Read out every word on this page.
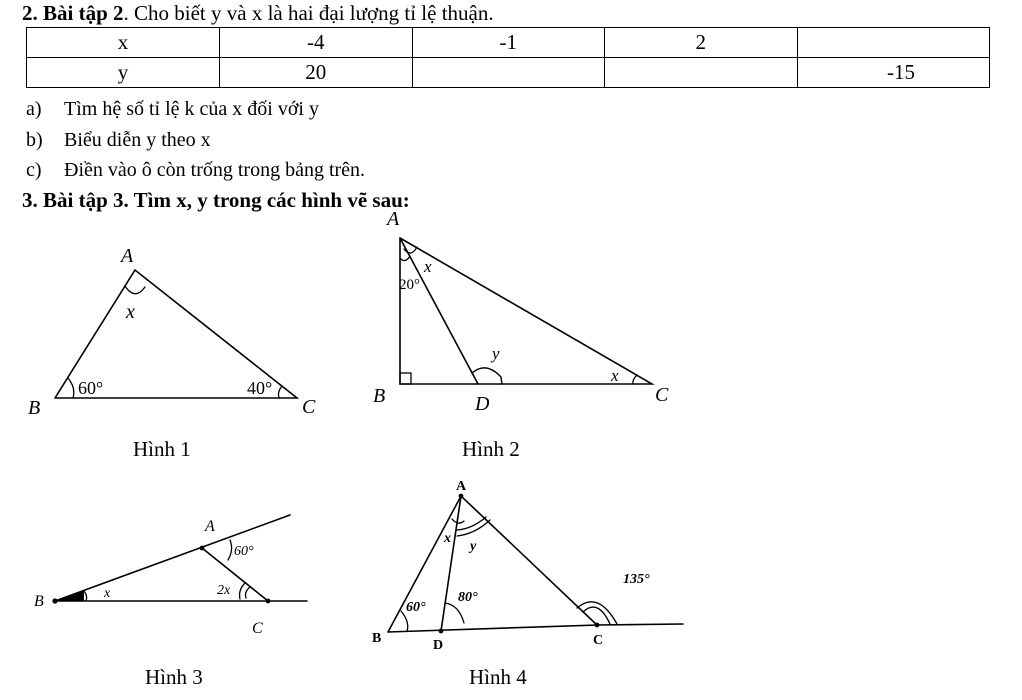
2. Bài tập 2. Cho biết y và x là hai đại lượng tỉ lệ thuận.
x	-4	-1	2	
y	20			-15
a) Tìm hệ số tỉ lệ k của x đối với y
b) Biểu diễn y theo x
c) Điền vào ô còn trống trong bảng trên.
3. Bài tập 3. Tìm x, y trong các hình vẽ sau:
A
B	C
x
60°	40°
A
B	C
D
20°
x
y
x
A
B
C
x
60°
2x
A
B	C
D
x
y
60°
80°
135°
Hình 1	Hình 2
Hình 3	Hình 4
